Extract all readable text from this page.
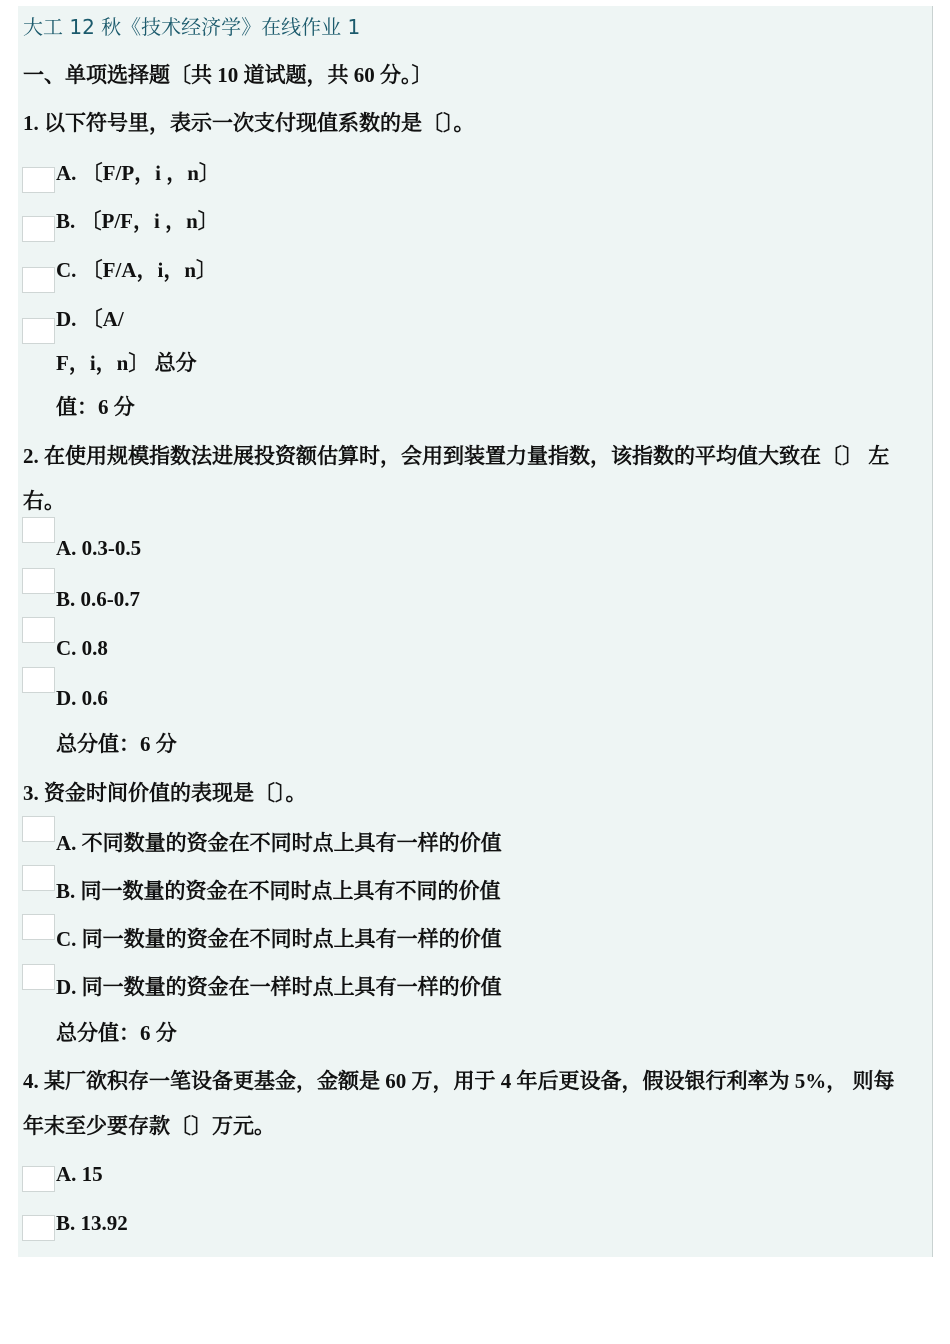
大工 12 秋《技术经济学》在线作业 1
一、单项选择题〔共 10 道试题，共 60 分。〕
1. 以下符号里，表示一次支付现值系数的是〔〕。
A. 〔F/P，i ，n〕
B. 〔P/F，i ，n〕
C. 〔F/A，i，n〕
D. 〔A/
F，i，n〕 总分
值：6 分
2. 在使用规模指数法进展投资额估算时，会用到装置力量指数，该指数的平均值大致在〔〕 左
右。
A. 0.3-0.5
B. 0.6-0.7
C. 0.8
D. 0.6
总分值：6 分
3. 资金时间价值的表现是〔〕。
A. 不同数量的资金在不同时点上具有一样的价值
B. 同一数量的资金在不同时点上具有不同的价值
C. 同一数量的资金在不同时点上具有一样的价值
D. 同一数量的资金在一样时点上具有一样的价值
总分值：6 分
4. 某厂欲积存一笔设备更基金，金额是 60 万，用于 4 年后更设备，假设银行利率为 5%， 则每
年末至少要存款〔〕万元。
A. 15
B. 13.92
